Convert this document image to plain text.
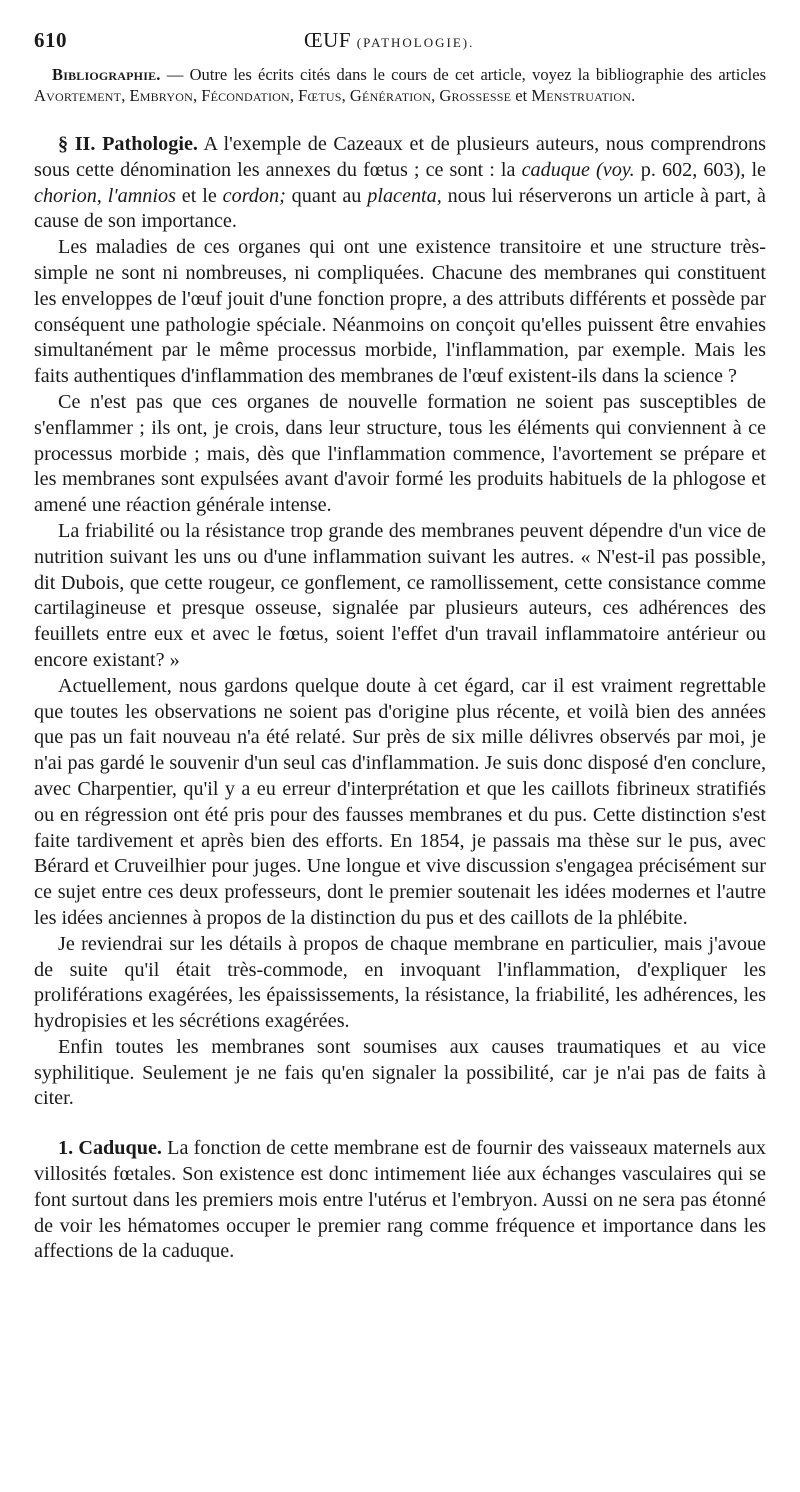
610	ŒUF (PATHOLOGIE).

Bibliographie. — Outre les écrits cités dans le cours de cet article, voyez la bibliographie des articles Avortement, Embryon, Fécondation, Fœtus, Génération, Grossesse et Menstruation.

§ II. Pathologie. A l'exemple de Cazeaux et de plusieurs auteurs, nous comprendrons sous cette dénomination les annexes du fœtus ; ce sont : la caduque (voy. p. 602, 603), le chorion, l'amnios et le cordon; quant au placenta, nous lui réserverons un article à part, à cause de son importance.

Les maladies de ces organes qui ont une existence transitoire et une structure très-simple ne sont ni nombreuses, ni compliquées. Chacune des membranes qui constituent les enveloppes de l'œuf jouit d'une fonction propre, a des attributs différents et possède par conséquent une pathologie spéciale. Néanmoins on conçoit qu'elles puissent être envahies simultanément par le même processus morbide, l'inflammation, par exemple. Mais les faits authentiques d'inflammation des membranes de l'œuf existent-ils dans la science ?

Ce n'est pas que ces organes de nouvelle formation ne soient pas susceptibles de s'enflammer ; ils ont, je crois, dans leur structure, tous les éléments qui conviennent à ce processus morbide ; mais, dès que l'inflammation commence, l'avortement se prépare et les membranes sont expulsées avant d'avoir formé les produits habituels de la phlogose et amené une réaction générale intense.

La friabilité ou la résistance trop grande des membranes peuvent dépendre d'un vice de nutrition suivant les uns ou d'une inflammation suivant les autres. « N'est-il pas possible, dit Dubois, que cette rougeur, ce gonflement, ce ramollissement, cette consistance comme cartilagineuse et presque osseuse, signalée par plusieurs auteurs, ces adhérences des feuillets entre eux et avec le fœtus, soient l'effet d'un travail inflammatoire antérieur ou encore existant? »

Actuellement, nous gardons quelque doute à cet égard, car il est vraiment regrettable que toutes les observations ne soient pas d'origine plus récente, et voilà bien des années que pas un fait nouveau n'a été relaté. Sur près de six mille délivres observés par moi, je n'ai pas gardé le souvenir d'un seul cas d'inflammation. Je suis donc disposé d'en conclure, avec Charpentier, qu'il y a eu erreur d'interprétation et que les caillots fibrineux stratifiés ou en régression ont été pris pour des fausses membranes et du pus. Cette distinction s'est faite tardivement et après bien des efforts. En 1854, je passais ma thèse sur le pus, avec Bérard et Cruveilhier pour juges. Une longue et vive discussion s'engagea précisément sur ce sujet entre ces deux professeurs, dont le premier soutenait les idées modernes et l'autre les idées anciennes à propos de la distinction du pus et des caillots de la phlébite.

Je reviendrai sur les détails à propos de chaque membrane en particulier, mais j'avoue de suite qu'il était très-commode, en invoquant l'inflammation, d'expliquer les proliférations exagérées, les épaississements, la résistance, la friabilité, les adhérences, les hydropisies et les sécrétions exagérées.

Enfin toutes les membranes sont soumises aux causes traumatiques et au vice syphilitique. Seulement je ne fais qu'en signaler la possibilité, car je n'ai pas de faits à citer.

1. Caduque. La fonction de cette membrane est de fournir des vaisseaux maternels aux villosités fœtales. Son existence est donc intimement liée aux échanges vasculaires qui se font surtout dans les premiers mois entre l'utérus et l'embryon. Aussi on ne sera pas étonné de voir les hématomes occuper le premier rang comme fréquence et importance dans les affections de la caduque.
